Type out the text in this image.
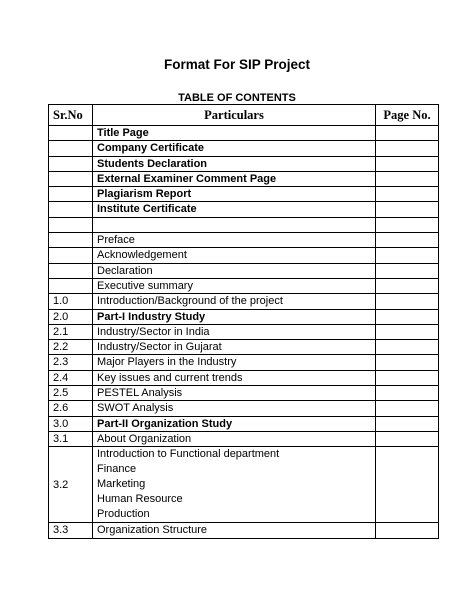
Format For SIP Project
TABLE OF CONTENTS
Sr.No	Particulars	Page No.
	Title Page	
	Company Certificate	
	Students Declaration	
	External Examiner Comment Page	
	Plagiarism Report	
	Institute Certificate	

	Preface	
	Acknowledgement	
	Declaration	
	Executive summary	
1.0	Introduction/Background of the project	
2.0	Part-I Industry Study	
2.1	Industry/Sector in India	
2.2	Industry/Sector in Gujarat	
2.3	Major Players in the Industry	
2.4	Key issues and current trends	
2.5	PESTEL Analysis	
2.6	SWOT Analysis	
3.0	Part-II Organization Study	
3.1	About Organization	
3.2	Introduction to Functional department
Finance
Marketing
Human Resource
Production	

3.3	Organization Structure	
